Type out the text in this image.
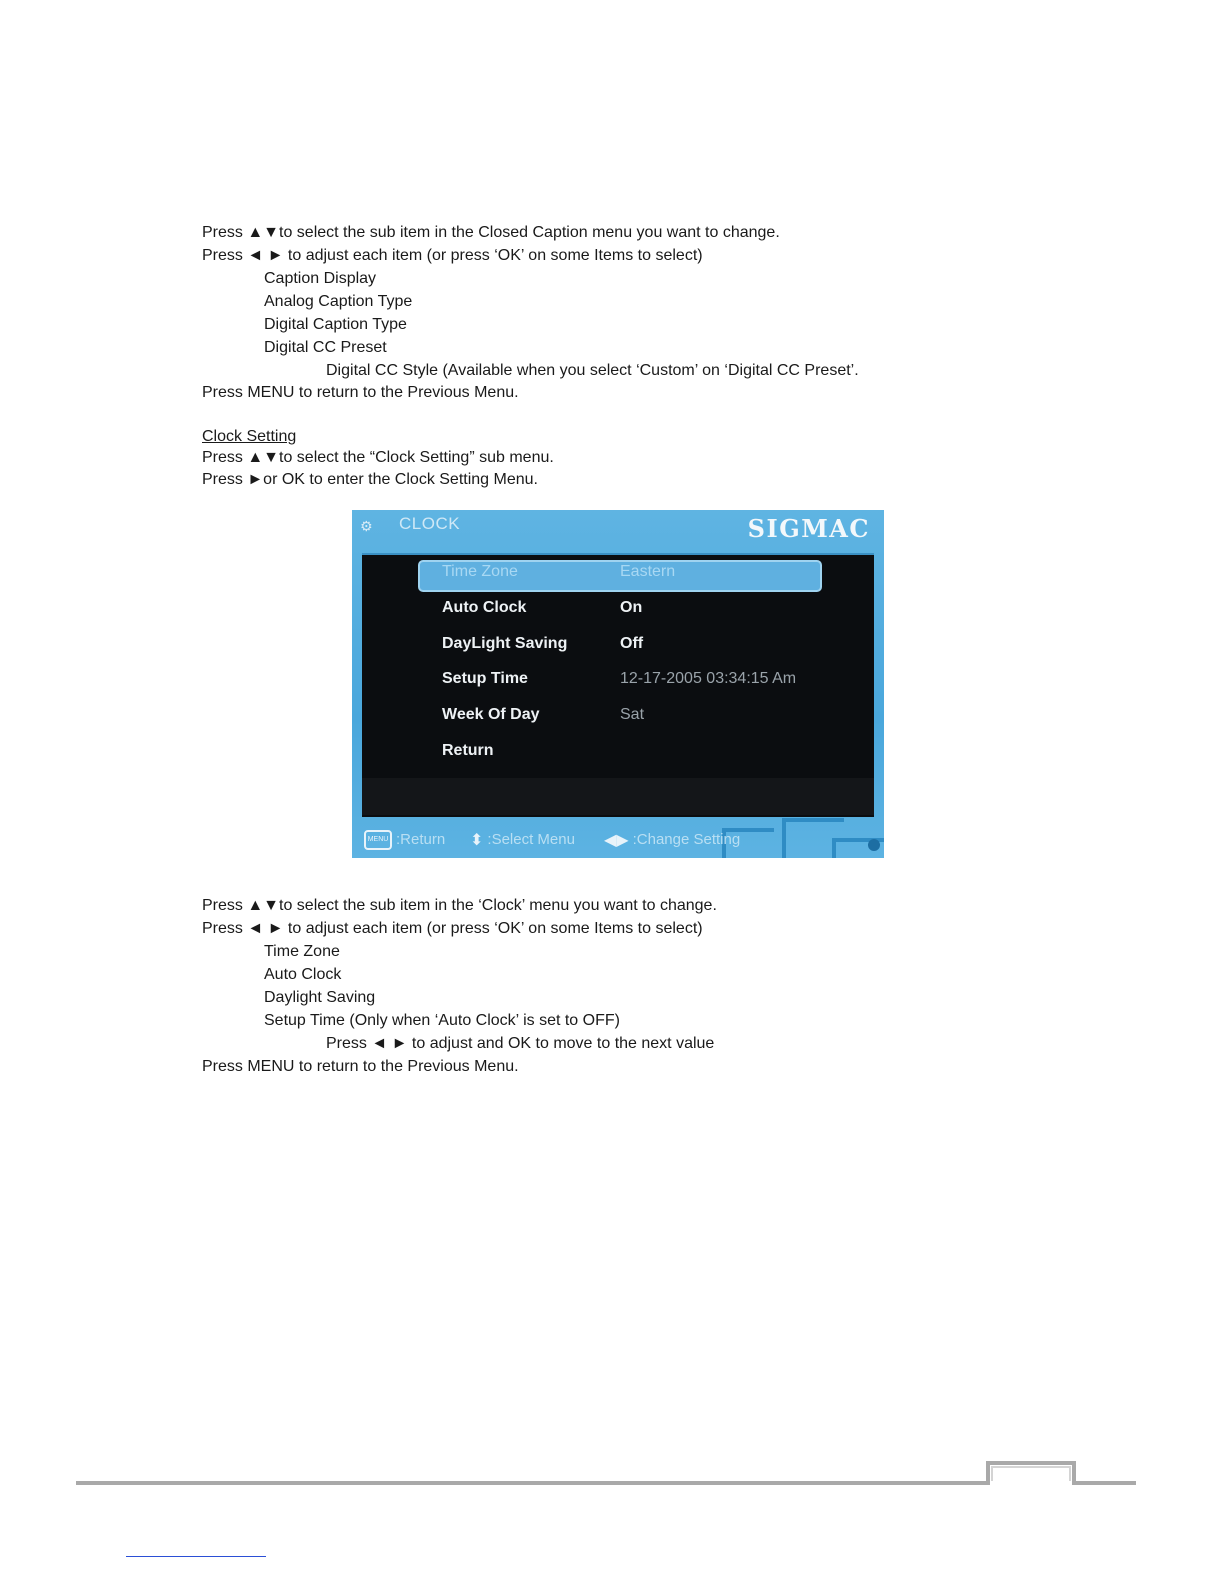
Press ▲▼to select the sub item in the Closed Caption menu you want to change.
Press ◄ ► to adjust each item (or press ‘OK’ on some Items to select)
Caption Display
Analog Caption Type
Digital Caption Type
Digital CC Preset
Digital CC Style (Available when you select ‘Custom’ on ‘Digital CC Preset’.
Press MENU to return to the Previous Menu.
Clock Setting
Press ▲▼to select the “Clock Setting” sub menu.
Press ►or OK to enter the Clock Setting Menu.
⚙ CLOCK	SIGMAC
Time Zone	Eastern
Auto Clock	On
DayLight Saving	Off
Setup Time	12-17-2005 03:34:15 Am
Week Of Day	Sat
Return
MENU :Return ⬍ :Select Menu ◀▶ :Change Setting
Press ▲▼to select the sub item in the ‘Clock’ menu you want to change.
Press ◄ ► to adjust each item (or press ‘OK’ on some Items to select)
Time Zone
Auto Clock
Daylight Saving
Setup Time (Only when ‘Auto Clock’ is set to OFF)
Press ◄ ► to adjust and OK to move to the next value
Press MENU to return to the Previous Menu.
